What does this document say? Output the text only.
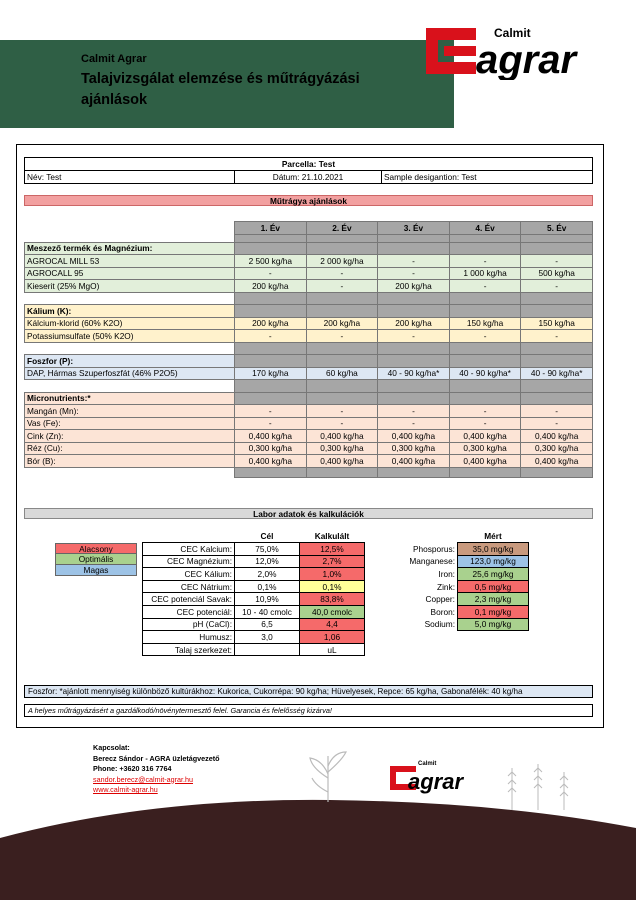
Calmit Agrar
Talajvizsgálat elemzése és műtrágyázási ajánlások
Calmit
agrar
Parcella: Test
Név: Test	Dátum: 21.10.2021	Sample desigantion: Test
Műtrágya ajánlások
	1. Év	2. Év	3. Év	4. Év	5. Év

Meszező termék és Magnézium:					
AGROCAL MILL 53	2 500 kg/ha	2 000 kg/ha	-	-	-
AGROCALL 95	-	-	-	1 000 kg/ha	500 kg/ha
Kieserit (25% MgO)	200 kg/ha	-	200 kg/ha	-	-

Kálium (K):					
Kálcium-klorid (60% K2O)	200 kg/ha	200 kg/ha	200 kg/ha	150 kg/ha	150 kg/ha
Potassiumsulfate (50% K2O)	-	-	-	-	-

Foszfor (P):					
DAP, Hármas Szuperfoszfát (46% P2O5)	170 kg/ha	60 kg/ha	40 - 90 kg/ha*	40 - 90 kg/ha*	40 - 90 kg/ha*

Micronutrients:*					
Mangán (Mn):	-	-	-	-	-
Vas (Fe):	-	-	-	-	-
Cink (Zn):	0,400 kg/ha	0,400 kg/ha	0,400 kg/ha	0,400 kg/ha	0,400 kg/ha
Réz (Cu):	0,300 kg/ha	0,300 kg/ha	0,300 kg/ha	0,300 kg/ha	0,300 kg/ha
Bór (B):	0,400 kg/ha	0,400 kg/ha	0,400 kg/ha	0,400 kg/ha	0,400 kg/ha

Labor adatok és kalkulációk
Alacsony
Optimális
Magas
	Cél	Kalkulált		Mért	
CEC Kalcium:	75,0%	12,5%	Phosporus:	35,0 mg/kg	
CEC Magnézium:	12,0%	2,7%	Manganese:	123,0 mg/kg	
CEC Kálium:	2,0%	1,0%	Iron:	25,6 mg/kg	
CEC Nátrium:	0,1%	0,1%	Zink:	0,5 mg/kg	
CEC potenciál Savak:	10,9%	83,8%	Copper:	2,3 mg/kg	
CEC potenciál:	10 - 40 cmolc	40,0 cmolc	Boron:	0,1 mg/kg	
pH (CaCl):	6,5	4,4	Sodium:	5,0 mg/kg	
Humusz:	3,0	1,06			
Talaj szerkezet:		uL			
Foszfor: *ajánlott mennyiség különböző kultúrákhoz: Kukorica, Cukorrépa: 90 kg/ha; Hüvelyesek, Repce: 65 kg/ha, Gabonafélék: 40 kg/ha
A helyes műtrágyázásért a gazdálkodó/növénytermesztő felel. Garancia és felelősség kizárva!
Calmit
agrar
Kapcsolat:
Berecz Sándor - AGRA üzletágvezető
Phone: +3620 316 7764
sandor.berecz@calmit-agrar.hu
www.calmit-agrar.hu
